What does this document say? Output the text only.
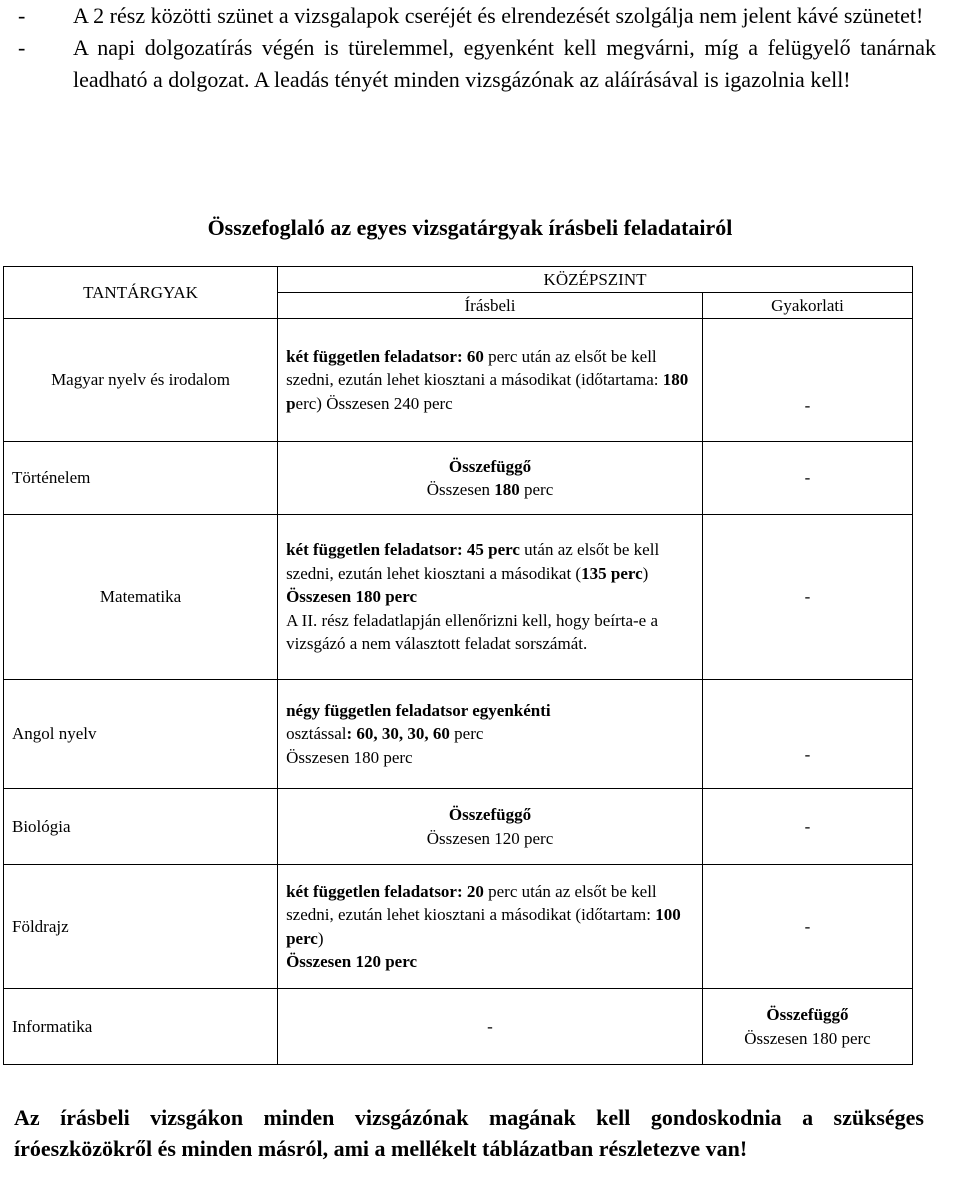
-	A 2 rész közötti szünet a vizsgalapok cseréjét és elrendezését szolgálja nem jelent kávé szünetet!
-	A napi dolgozatírás végén is türelemmel, egyenként kell megvárni, míg a felügyelő tanárnak leadható a dolgozat. A leadás tényét minden vizsgázónak az aláírásával is igazolnia kell!
Összefoglaló az egyes vizsgatárgyak írásbeli feladatairól
TANTÁRGYAK	KÖZÉPSZINT	
	Írásbeli	Gyakorlati
Magyar nyelv és irodalom	két független feladatsor: 60 perc után az elsőt be kell szedni, ezután lehet kiosztani a másodikat (időtartama: 180 perc) Összesen 240 perc	-
Történelem	Összefüggő
Összesen 180 perc	-
Matematika	két független feladatsor: 45 perc után az elsőt be kell szedni, ezután lehet kiosztani a másodikat (135 perc) Összesen 180 perc
A II. rész feladatlapján ellenőrizni kell, hogy beírta-e a vizsgázó a nem választott feladat sorszámát.	-
Angol nyelv	négy független feladatsor egyenkénti
osztással: 60, 30, 30, 60 perc
Összesen 180 perc	-
Biológia	Összefüggő
Összesen 120 perc	-
Földrajz	két független feladatsor: 20 perc után az elsőt be kell szedni, ezután lehet kiosztani a másodikat (időtartam: 100 perc)
Összesen 120 perc	-
Informatika	-	Összefüggő
Összesen 180 perc
Az írásbeli vizsgákon minden vizsgázónak magának kell gondoskodnia a szükséges íróeszközökről és minden másról, ami a mellékelt táblázatban részletezve van!
